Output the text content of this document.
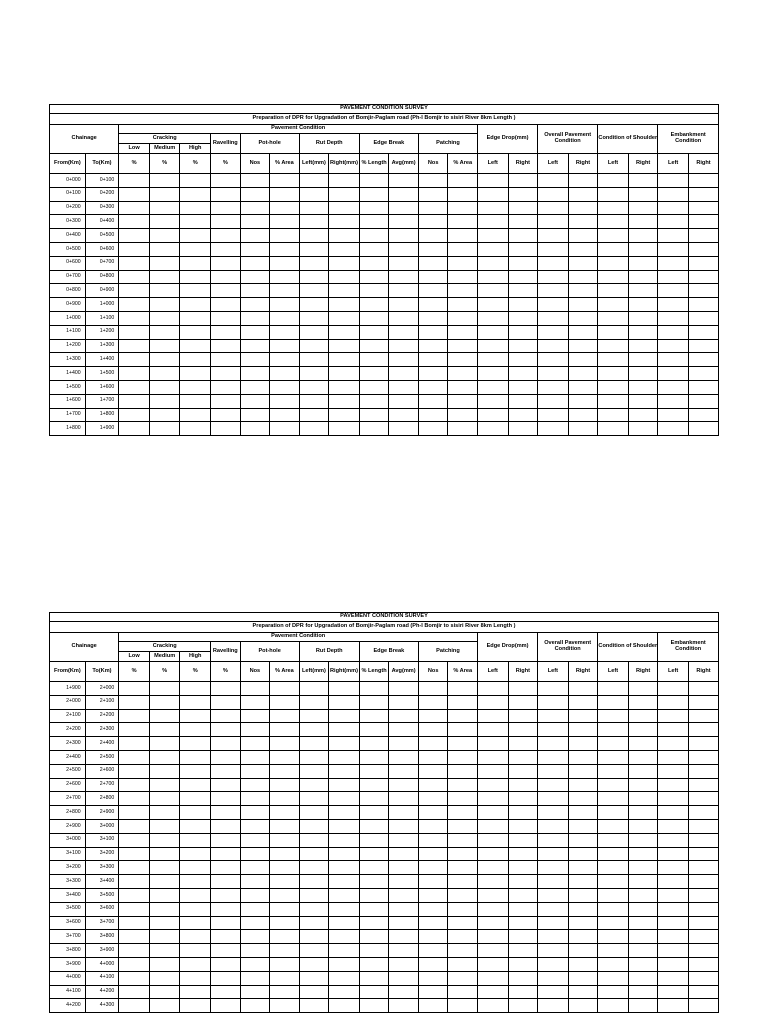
PAVEMENT CONDITION SURVEY																					
Preparation of DPR for Upgradation of Bomjir-Paglam road (Ph-I Bomjir to sisiri River 8km Length )																					
Chainage		Pavement Condition												Edge Drop(mm)		Overall Pavement Condition		Condition of Shoulder		Embankment Condition	
		Cracking			Ravelling	Pot-hole		Rut Depth		Edge Break		Patching									
		Low	Medium	High																	
From(Km)	To(Km)	%	%	%	%	Nos	% Area	Left(mm)	Right(mm)	% Length	Avg(mm)	Nos	% Area	Left	Right	Left	Right	Left	Right	Left	Right
0+000	0+100																				
0+100	0+200																				
0+200	0+300																				
0+300	0+400																				
0+400	0+500																				
0+500	0+600																				
0+600	0+700																				
0+700	0+800																				
0+800	0+900																				
0+900	1+000																				
1+000	1+100																				
1+100	1+200																				
1+200	1+300																				
1+300	1+400																				
1+400	1+500																				
1+500	1+600																				
1+600	1+700																				
1+700	1+800																				
1+800	1+900																				
PAVEMENT CONDITION SURVEY																					
Preparation of DPR for Upgradation of Bomjir-Paglam road (Ph-I Bomjir to sisiri River 8km Length )																					
Chainage		Pavement Condition												Edge Drop(mm)		Overall Pavement Condition		Condition of Shoulder		Embankment Condition	
		Cracking			Ravelling	Pot-hole		Rut Depth		Edge Break		Patching									
		Low	Medium	High																	
From(Km)	To(Km)	%	%	%	%	Nos	% Area	Left(mm)	Right(mm)	% Length	Avg(mm)	Nos	% Area	Left	Right	Left	Right	Left	Right	Left	Right
1+900	2+000																				
2+000	2+100																				
2+100	2+200																				
2+200	2+300																				
2+300	2+400																				
2+400	2+500																				
2+500	2+600																				
2+600	2+700																				
2+700	2+800																				
2+800	2+900																				
2+900	3+000																				
3+000	3+100																				
3+100	3+200																				
3+200	3+300																				
3+300	3+400																				
3+400	3+500																				
3+500	3+600																				
3+600	3+700																				
3+700	3+800																				
3+800	3+900																				
3+900	4+000																				
4+000	4+100																				
4+100	4+200																				
4+200	4+300																				
